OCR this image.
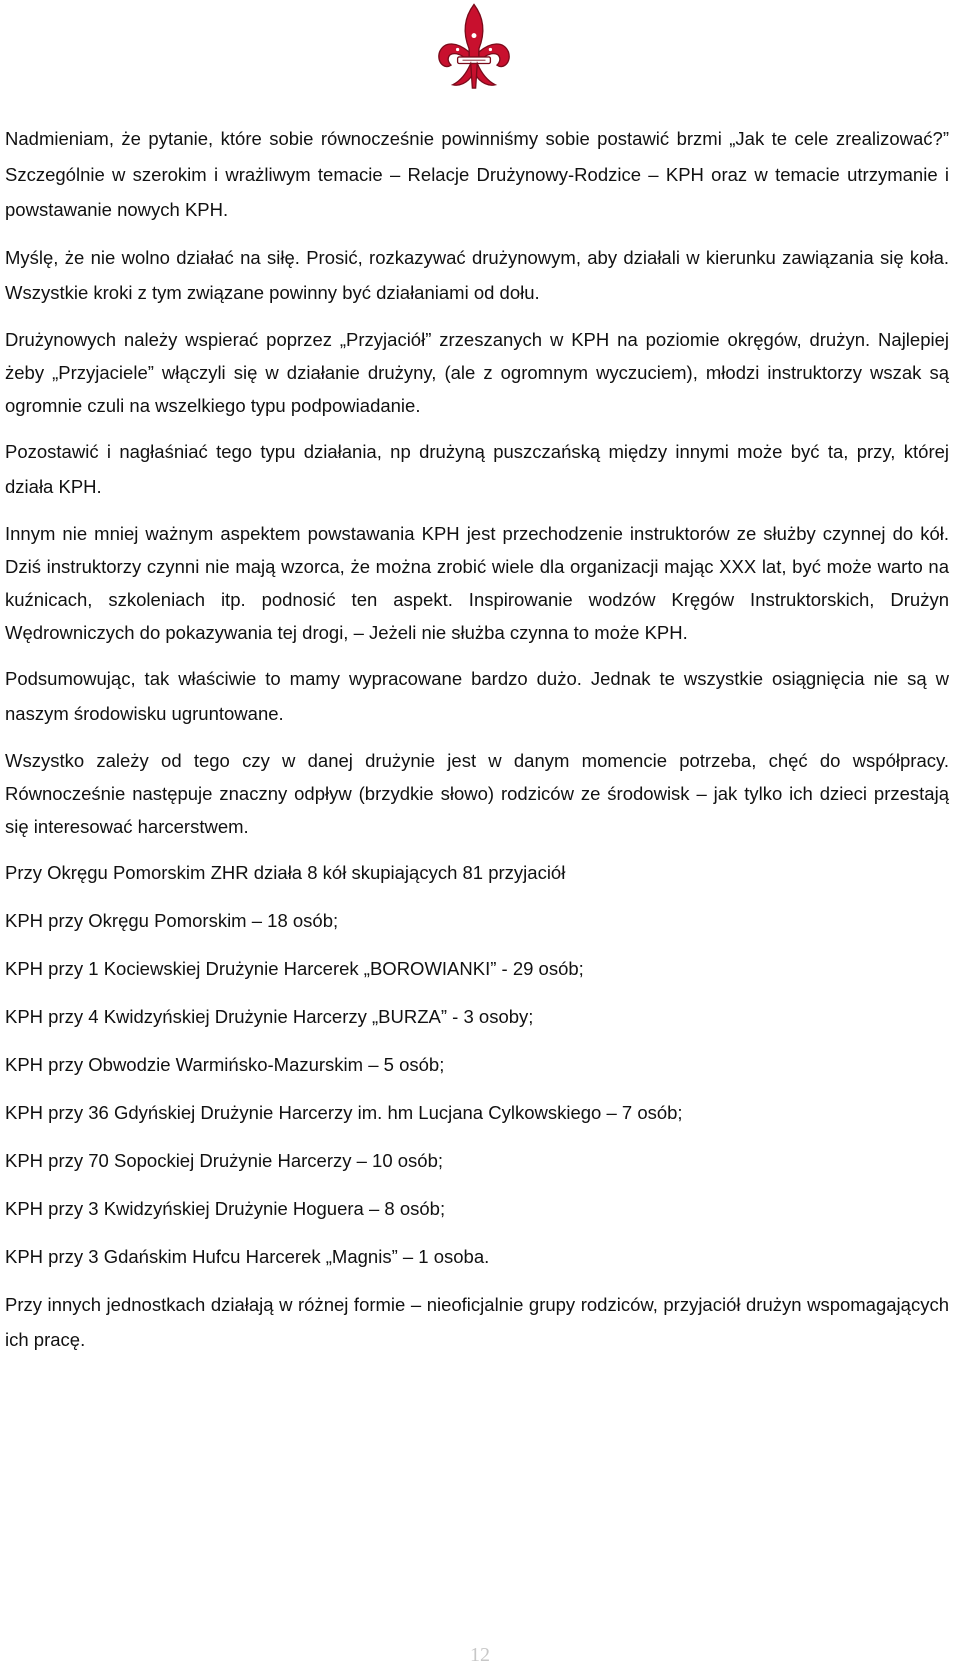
Nadmieniam, że pytanie, które sobie równocześnie powinniśmy sobie postawić brzmi „Jak te cele zrealizować?” Szczególnie w szerokim i wrażliwym temacie – Relacje Drużynowy-Rodzice – KPH oraz w temacie utrzymanie i powstawanie nowych KPH.

Myślę, że nie wolno działać na siłę. Prosić, rozkazywać drużynowym, aby działali w kierunku zawiązania się koła. Wszystkie kroki z tym związane powinny być działaniami od dołu.

Drużynowych należy wspierać poprzez „Przyjaciół” zrzeszanych w KPH na poziomie okręgów, drużyn. Najlepiej żeby „Przyjaciele” włączyli się w działanie drużyny, (ale z ogromnym wyczuciem), młodzi instruktorzy wszak są ogromnie czuli na wszelkiego typu podpowiadanie.

Pozostawić i nagłaśniać tego typu działania, np drużyną puszczańską między innymi może być ta, przy, której działa KPH.

Innym nie mniej ważnym aspektem powstawania KPH jest przechodzenie instruktorów ze służby czynnej do kół. Dziś instruktorzy czynni nie mają wzorca, że można zrobić wiele dla organizacji mając XXX lat, być może warto na kuźnicach, szkoleniach itp. podnosić ten aspekt. Inspirowanie wodzów Kręgów Instruktorskich, Drużyn Wędrowniczych do pokazywania tej drogi, – Jeżeli nie służba czynna to może KPH.

Podsumowując, tak właściwie to mamy wypracowane bardzo dużo. Jednak te wszystkie osiągnięcia nie są w naszym środowisku ugruntowane.

Wszystko zależy od tego czy w danej drużynie jest w danym momencie potrzeba, chęć do współpracy. Równocześnie następuje znaczny odpływ (brzydkie słowo) rodziców ze środowisk – jak tylko ich dzieci przestają się interesować harcerstwem.

Przy Okręgu Pomorskim ZHR działa 8 kół skupiających 81 przyjaciół
KPH przy Okręgu Pomorskim – 18 osób;
KPH przy 1 Kociewskiej Drużynie Harcerek „BOROWIANKI” - 29 osób;
KPH przy 4 Kwidzyńskiej Drużynie Harcerzy „BURZA” - 3 osoby;
KPH przy Obwodzie Warmińsko-Mazurskim – 5 osób;
KPH przy 36 Gdyńskiej Drużynie Harcerzy im. hm Lucjana Cylkowskiego – 7 osób;
KPH przy 70 Sopockiej Drużynie Harcerzy – 10 osób;
KPH przy 3 Kwidzyńskiej Drużynie Hoguera – 8 osób;
KPH przy 3 Gdańskim Hufcu Harcerek „Magnis” – 1 osoba.

Przy innych jednostkach działają w różnej formie – nieoficjalnie grupy rodziców, przyjaciół drużyn wspomagających ich pracę.

12
